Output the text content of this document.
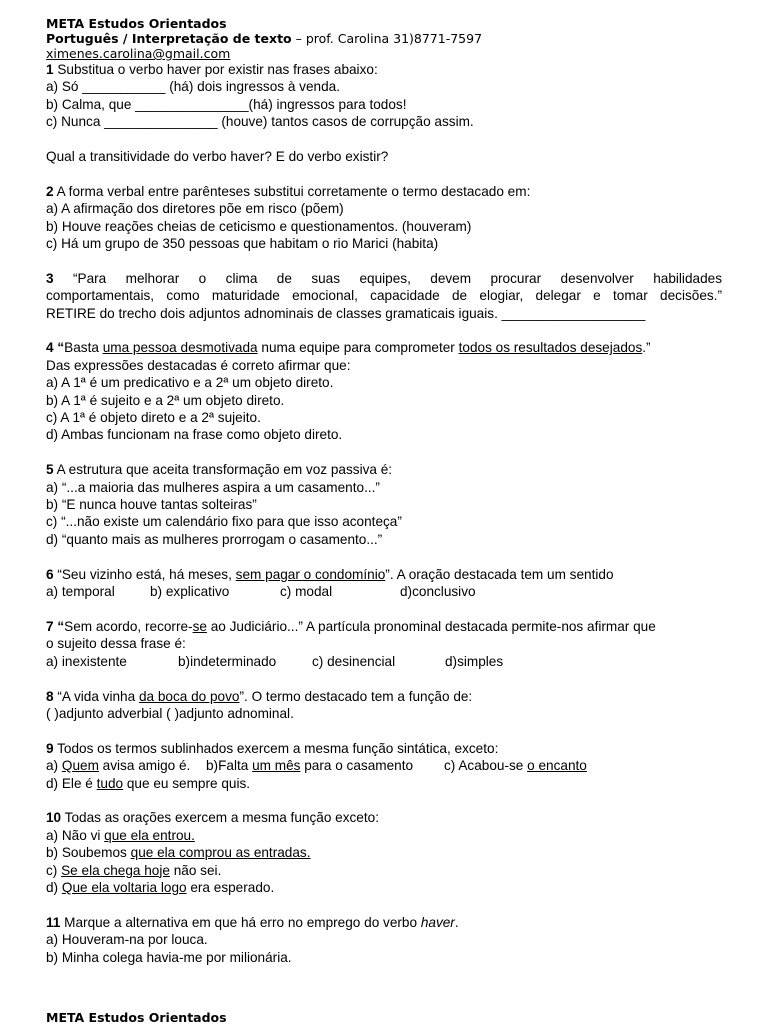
META Estudos Orientados
Português / Interpretação de texto – prof. Carolina 31)8771-7597
ximenes.carolina@gmail.com
1 Substitua o verbo haver por existir nas frases abaixo:
a) Só ___________ (há) dois ingressos à venda.
b) Calma, que _______________(há) ingressos para todos!
c) Nunca _______________ (houve) tantos casos de corrupção assim.
Qual a transitividade do verbo haver? E do verbo existir?
2 A forma verbal entre parênteses substitui corretamente o termo destacado em:
a) A afirmação dos diretores põe em risco (põem)
b) Houve reações cheias de ceticismo e questionamentos. (houveram)
c) Há um grupo de 350 pessoas que habitam o rio Marici (habita)
3 “Para melhorar o clima de suas equipes, devem procurar desenvolver habilidades
comportamentais, como maturidade emocional, capacidade de elogiar, delegar e tomar decisões.”
RETIRE do trecho dois adjuntos adnominais de classes gramaticais iguais. ___________________
4 “Basta uma pessoa desmotivada numa equipe para comprometer todos os resultados desejados.”
Das expressões destacadas é correto afirmar que:
a) A 1ª é um predicativo e a 2ª um objeto direto.
b) A 1ª é sujeito e a 2ª um objeto direto.
c) A 1ª é objeto direto e a 2ª sujeito.
d) Ambas funcionam na frase como objeto direto.
5 A estrutura que aceita transformação em voz passiva é:
a) “...a maioria das mulheres aspira a um casamento...”
b) “E nunca houve tantas solteiras”
c) “...não existe um calendário fixo para que isso aconteça”
d) “quanto mais as mulheres prorrogam o casamento...”
6 “Seu vizinho está, há meses, sem pagar o condomínio”. A oração destacada tem um sentido
a) temporal	b) explicativo	c) modal	d)conclusivo
7 “Sem acordo, recorre-se ao Judiciário...” A partícula pronominal destacada permite-nos afirmar que
o sujeito dessa frase é:
a) inexistente	b)indeterminado	c) desinencial	d)simples
8 “A vida vinha da boca do povo”. O termo destacado tem a função de:
( )adjunto adverbial ( )adjunto adnominal.
9 Todos os termos sublinhados exercem a mesma função sintática, exceto:
a) Quem avisa amigo é. b)Falta um mês para o casamento c) Acabou-se o encanto
d) Ele é tudo que eu sempre quis.
10 Todas as orações exercem a mesma função exceto:
a) Não vi que ela entrou.
b) Soubemos que ela comprou as entradas.
c) Se ela chega hoje não sei.
d) Que ela voltaria logo era esperado.
11 Marque a alternativa em que há erro no emprego do verbo haver.
a) Houveram-na por louca.
b) Minha colega havia-me por milionária.
META Estudos Orientados
